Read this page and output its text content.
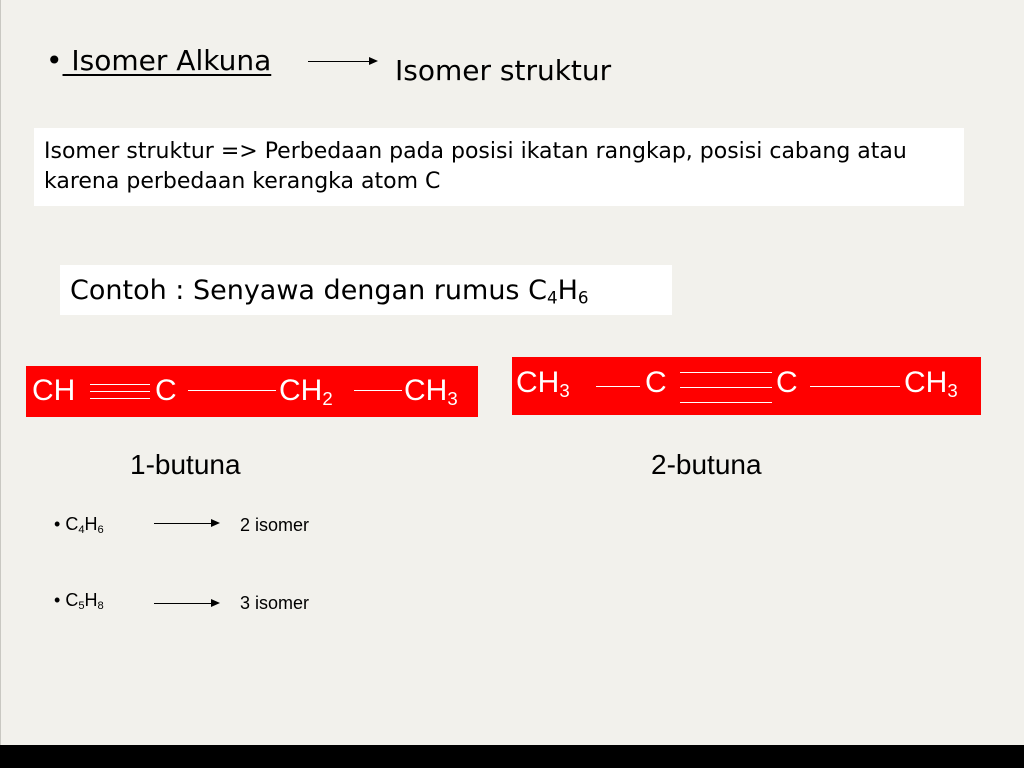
• Isomer Alkuna	Isomer struktur
Isomer struktur => Perbedaan pada posisi ikatan rangkap, posisi cabang atau karena perbedaan kerangka atom C
Contoh : Senyawa dengan rumus $C_4H_6$
CH	C	$CH_2$ $CH_3$ $CH_3$	C	C	$CH_3$
1-butuna	2-butuna
• $C_4H_6$	2 isomer
• $C_5H_8$	3 isomer
